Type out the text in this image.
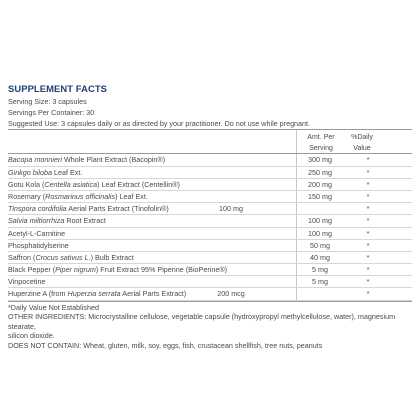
SUPPLEMENT FACTS
Serving Size: 3 capsules
Servings Per Container: 30
Suggested Use: 3 capsules daily or as directed by your practitioner. Do not use while pregnant.
Amt. Per
Serving
%Daily
Value
Bacopa monnieri Whole Plant Extract (Bacopin®)	300 mg	*
Ginkgo biloba Leaf Ext.	250 mg	*
Gotu Kola (Centella asiatica) Leaf Extract (Centellin®)	200 mg	*
Rosemary (Rosmarinus officinalis) Leaf Ext.	150 mg	*
Tinspora cordifolia Aerial Parts Extract (Tinofolin®)	100 mg	*
Salvia miltiorrhiza Root Extract	100 mg	*
Acetyl-L-Carnitine	100 mg	*
Phosphatidylserine	50 mg	*
Saffron (Crocus sativus L.) Bulb Extract	40 mg	*
Black Pepper (Piper nigrum) Fruit Extract 95% Piperine (BioPerine®)	5 mg	*
Vinpocetine	5 mg	*
Huperzine A (from Huperzia serrata Aerial Parts Extract)	200 mcg	*
*Daily Value Not Established
OTHER INGREDIENTS: Microcrystalline cellulose, vegetable capsule (hydroxypropyl methylcellulose, water), magnesium stearate,
silicon dioxide.
DOES NOT CONTAIN: Wheat, gluten, milk, soy, eggs, fish, crustacean shellfish, tree nuts, peanuts
